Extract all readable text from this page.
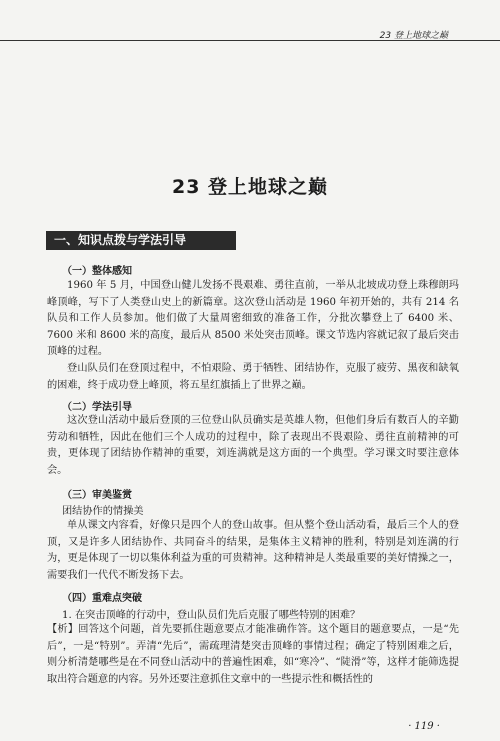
23 登上地球之巅
23 登上地球之巅
一、知识点拨与学法引导
（一）整体感知

1960 年 5 月，中国登山健儿发扬不畏艰难、勇往直前，一举从北坡成功登上珠穆朗玛峰顶峰，写下了人类登山史上的新篇章。这次登山活动是 1960 年初开始的，共有 214 名队员和工作人员参加。他们做了大量周密细致的准备工作，分批次攀登上了 6400 米、7600 米和 8600 米的高度，最后从 8500 米处突击顶峰。课文节选内容就记叙了最后突击顶峰的过程。

登山队员们在登顶过程中，不怕艰险、勇于牺牲、团结协作，克服了疲劳、黑夜和缺氧的困难，终于成功登上峰顶，将五星红旗插上了世界之巅。

（二）学法引导

这次登山活动中最后登顶的三位登山队员确实是英雄人物，但他们身后有数百人的辛勤劳动和牺牲，因此在他们三个人成功的过程中，除了表现出不畏艰险、勇往直前精神的可贵，更体现了团结协作精神的重要，刘连满就是这方面的一个典型。学习课文时要注意体会。

（三）审美鉴赏
团结协作的情操美

单从课文内容看，好像只是四个人的登山故事。但从整个登山活动看，最后三个人的登顶，又是许多人团结协作、共同奋斗的结果，是集体主义精神的胜利，特别是刘连满的行为，更是体现了一切以集体利益为重的可贵精神。这种精神是人类最重要的美好情操之一，需要我们一代代不断发扬下去。

（四）重难点突破
1. 在突击顶峰的行动中，登山队员们先后克服了哪些特别的困难？

【析】回答这个问题，首先要抓住题意要点才能准确作答。这个题目的题意要点，一是“先后”，一是“特别”。弄清“先后”，需疏理清楚突击顶峰的事情过程；确定了特别困难之后，则分析清楚哪些是在不同登山活动中的普遍性困难，如“寒冷”、“陡滑”等，这样才能筛选提取出符合题意的内容。另外还要注意抓住文章中的一些提示性和概括性的

· 119 ·
